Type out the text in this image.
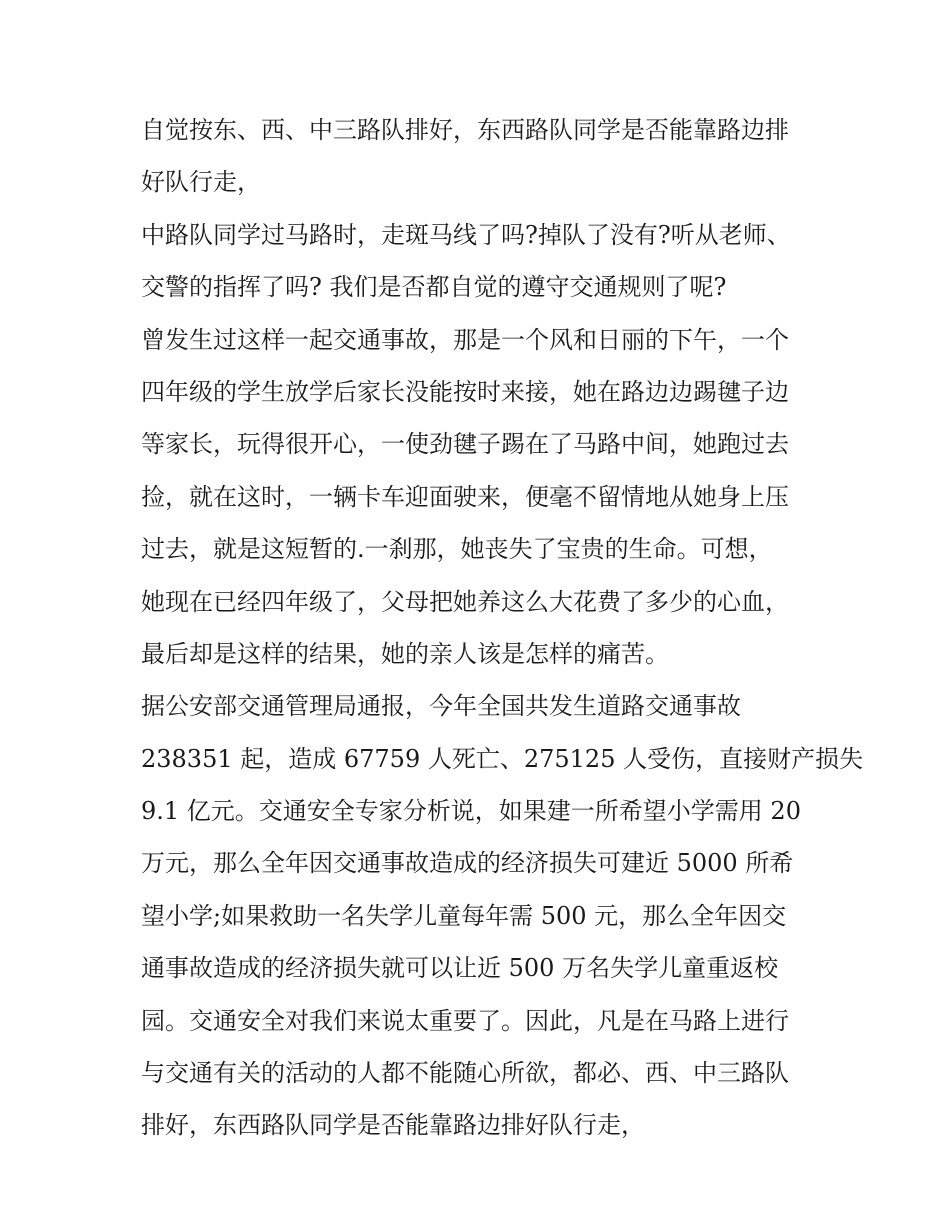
自觉按东、西、中三路队排好，东西路队同学是否能靠路边排
好队行走，
中路队同学过马路时，走斑马线了吗?掉队了没有?听从老师、
交警的指挥了吗? 我们是否都自觉的遵守交通规则了呢?
曾发生过这样一起交通事故，那是一个风和日丽的下午，一个
四年级的学生放学后家长没能按时来接，她在路边边踢毽子边
等家长，玩得很开心，一使劲毽子踢在了马路中间，她跑过去
捡，就在这时，一辆卡车迎面驶来，便毫不留情地从她身上压
过去，就是这短暂的.一刹那，她丧失了宝贵的生命。可想，
她现在已经四年级了，父母把她养这么大花费了多少的心血，
最后却是这样的结果，她的亲人该是怎样的痛苦。
据公安部交通管理局通报，今年全国共发生道路交通事故
238351 起，造成 67759 人死亡、275125 人受伤，直接财产损失
9.1 亿元。交通安全专家分析说，如果建一所希望小学需用 20
万元，那么全年因交通事故造成的经济损失可建近 5000 所希
望小学;如果救助一名失学儿童每年需 500 元，那么全年因交
通事故造成的经济损失就可以让近 500 万名失学儿童重返校
园。交通安全对我们来说太重要了。因此，凡是在马路上进行
与交通有关的活动的人都不能随心所欲，都必、西、中三路队
排好，东西路队同学是否能靠路边排好队行走，
